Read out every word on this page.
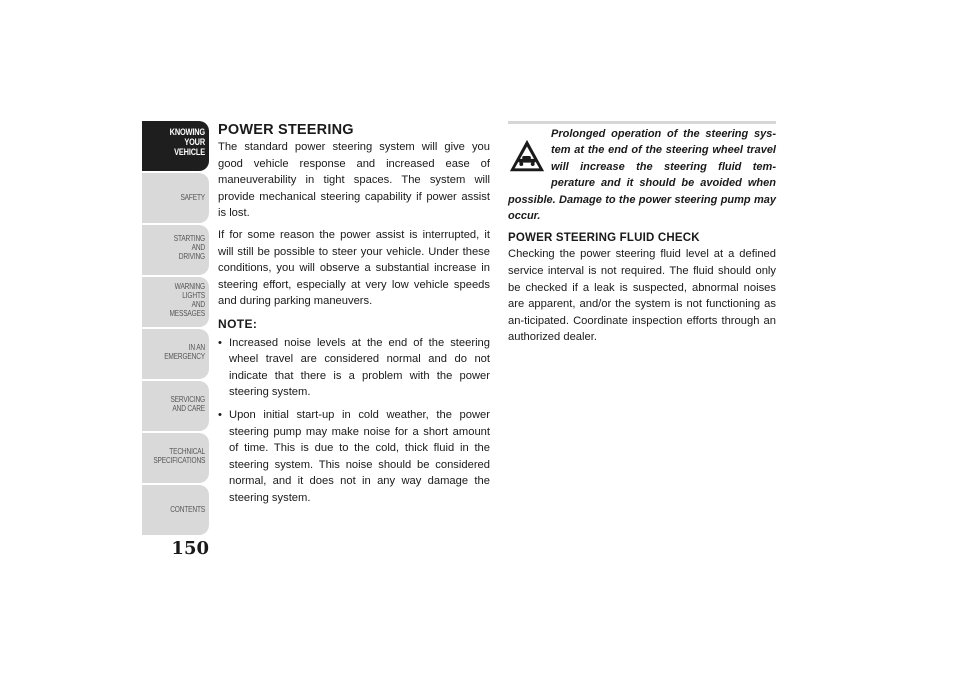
KNOWING
YOUR
VEHICLE
SAFETY
STARTING
AND
DRIVING
WARNING
LIGHTS
AND
MESSAGES
IN AN
EMERGENCY
SERVICING
AND CARE
TECHNICAL
SPECIFICATIONS
CONTENTS
150
POWER STEERING

The standard power steering system will give you good vehicle response and increased ease of maneuverability in tight spaces. The system will provide mechanical steering capability if power assist is lost.

If for some reason the power assist is interrupted, it will still be possible to steer your vehicle. Under these conditions, you will observe a substantial increase in steering effort, especially at very low vehicle speeds and during parking maneuvers.

NOTE:
• Increased noise levels at the end of the steering wheel travel are considered normal and do not indicate that there is a problem with the power steering system.
• Upon initial start-up in cold weather, the power steering pump may make noise for a short amount of time. This is due to the cold, thick fluid in the steering system. This noise should be considered normal, and it does not in any way damage the steering system.

Prolonged operation of the steering sys-tem at the end of the steering wheel travel will increase the steering fluid tem-perature and it should be avoided when possible. Damage to the power steering pump may occur.

POWER STEERING FLUID CHECK

Checking the power steering fluid level at a defined service interval is not required. The fluid should only be checked if a leak is suspected, abnormal noises are apparent, and/or the system is not functioning as an-ticipated. Coordinate inspection efforts through an authorized dealer.
